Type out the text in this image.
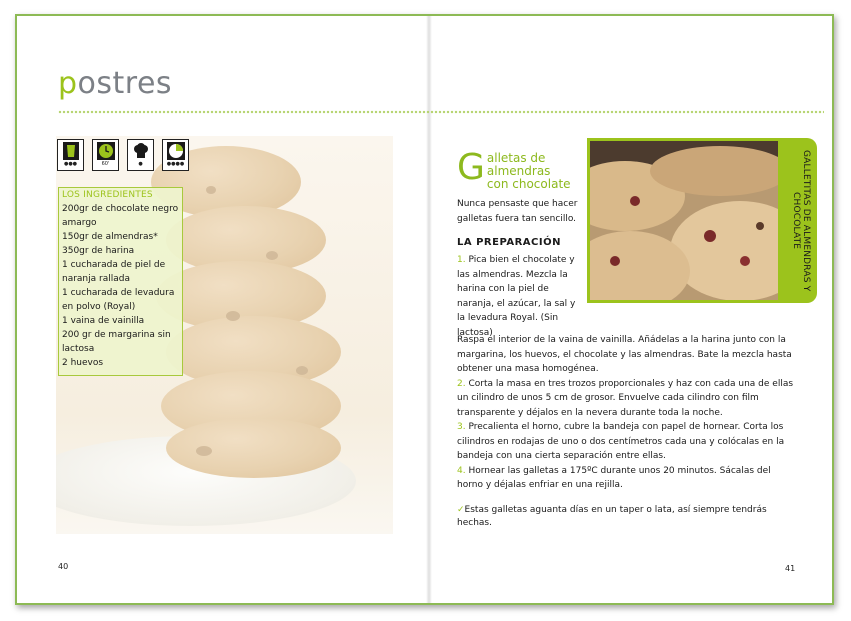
postres
●●●	60'	●	●●●●
LOS INGREDIENTES
200gr de chocolate negro amargo
150gr de almendras*
350gr de harina
1 cucharada de piel de naranja rallada
1 cucharada de levadura en polvo (Royal)
1 vaina de vainilla
200 gr de margarina sin lactosa
2 huevos
40	41
G alletas de
almendras
con chocolate

Nunca pensaste que hacer galletas fuera tan sencillo.	GALLETITAS DE ALMENDRAS Y CHOCOLATE
LA PREPARACIÓN

1. Pica bien el chocolate y las almendras. Mezcla la harina con la piel de naranja, el azúcar, la sal y la levadura Royal. (Sin lactosa)

Raspa el interior de la vaina de vainilla. Añádelas a la harina junto con la margarina, los huevos, el chocolate y las almendras. Bate la mezcla hasta obtener una masa homogénea.

2. Corta la masa en tres trozos proporcionales y haz con cada una de ellas un cilindro de unos 5 cm de grosor. Envuelve cada cilindro con film transparente y déjalos en la nevera durante toda la noche.

3. Precalienta el horno, cubre la bandeja con papel de hornear. Corta los cilindros en rodajas de uno o dos centímetros cada una y colócalas en la bandeja con una cierta separación entre ellas.

4. Hornear las galletas a 175ºC durante unos 20 minutos. Sácalas del horno y déjalas enfriar en una rejilla.

✓Estas galletas aguanta días en un taper o lata, así siempre tendrás hechas.
